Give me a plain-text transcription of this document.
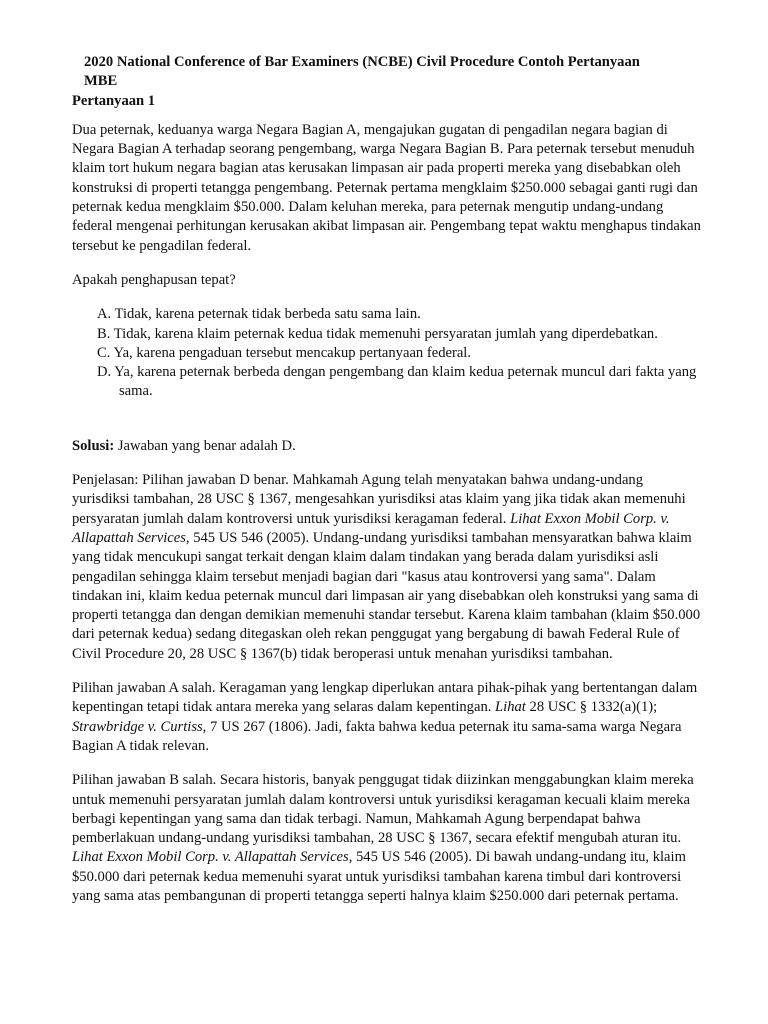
2020 National Conference of Bar Examiners (NCBE) Civil Procedure Contoh Pertanyaan
MBE
Pertanyaan 1

Dua peternak, keduanya warga Negara Bagian A, mengajukan gugatan di pengadilan negara bagian di Negara Bagian A terhadap seorang pengembang, warga Negara Bagian B. Para peternak tersebut menuduh klaim tort hukum negara bagian atas kerusakan limpasan air pada properti mereka yang disebabkan oleh konstruksi di properti tetangga pengembang. Peternak pertama mengklaim $250.000 sebagai ganti rugi dan peternak kedua mengklaim $50.000. Dalam keluhan mereka, para peternak mengutip undang-undang federal mengenai perhitungan kerusakan akibat limpasan air. Pengembang tepat waktu menghapus tindakan tersebut ke pengadilan federal.

Apakah penghapusan tepat?

A. Tidak, karena peternak tidak berbeda satu sama lain.
B. Tidak, karena klaim peternak kedua tidak memenuhi persyaratan jumlah yang diperdebatkan.
C. Ya, karena pengaduan tersebut mencakup pertanyaan federal.
D. Ya, karena peternak berbeda dengan pengembang dan klaim kedua peternak muncul dari fakta yang sama.

Solusi: Jawaban yang benar adalah D.

Penjelasan: Pilihan jawaban D benar. Mahkamah Agung telah menyatakan bahwa undang-undang yurisdiksi tambahan, 28 USC § 1367, mengesahkan yurisdiksi atas klaim yang jika tidak akan memenuhi persyaratan jumlah dalam kontroversi untuk yurisdiksi keragaman federal. Lihat Exxon Mobil Corp. v. Allapattah Services, 545 US 546 (2005). Undang-undang yurisdiksi tambahan mensyaratkan bahwa klaim yang tidak mencukupi sangat terkait dengan klaim dalam tindakan yang berada dalam yurisdiksi asli pengadilan sehingga klaim tersebut menjadi bagian dari "kasus atau kontroversi yang sama". Dalam tindakan ini, klaim kedua peternak muncul dari limpasan air yang disebabkan oleh konstruksi yang sama di properti tetangga dan dengan demikian memenuhi standar tersebut. Karena klaim tambahan (klaim $50.000 dari peternak kedua) sedang ditegaskan oleh rekan penggugat yang bergabung di bawah Federal Rule of Civil Procedure 20, 28 USC § 1367(b) tidak beroperasi untuk menahan yurisdiksi tambahan.

Pilihan jawaban A salah. Keragaman yang lengkap diperlukan antara pihak-pihak yang bertentangan dalam kepentingan tetapi tidak antara mereka yang selaras dalam kepentingan. Lihat 28 USC § 1332(a)(1); Strawbridge v. Curtiss, 7 US 267 (1806). Jadi, fakta bahwa kedua peternak itu sama-sama warga Negara Bagian A tidak relevan.

Pilihan jawaban B salah. Secara historis, banyak penggugat tidak diizinkan menggabungkan klaim mereka untuk memenuhi persyaratan jumlah dalam kontroversi untuk yurisdiksi keragaman kecuali klaim mereka berbagi kepentingan yang sama dan tidak terbagi. Namun, Mahkamah Agung berpendapat bahwa pemberlakuan undang-undang yurisdiksi tambahan, 28 USC § 1367, secara efektif mengubah aturan itu. Lihat Exxon Mobil Corp. v. Allapattah Services, 545 US 546 (2005). Di bawah undang-undang itu, klaim $50.000 dari peternak kedua memenuhi syarat untuk yurisdiksi tambahan karena timbul dari kontroversi yang sama atas pembangunan di properti tetangga seperti halnya klaim $250.000 dari peternak pertama.
